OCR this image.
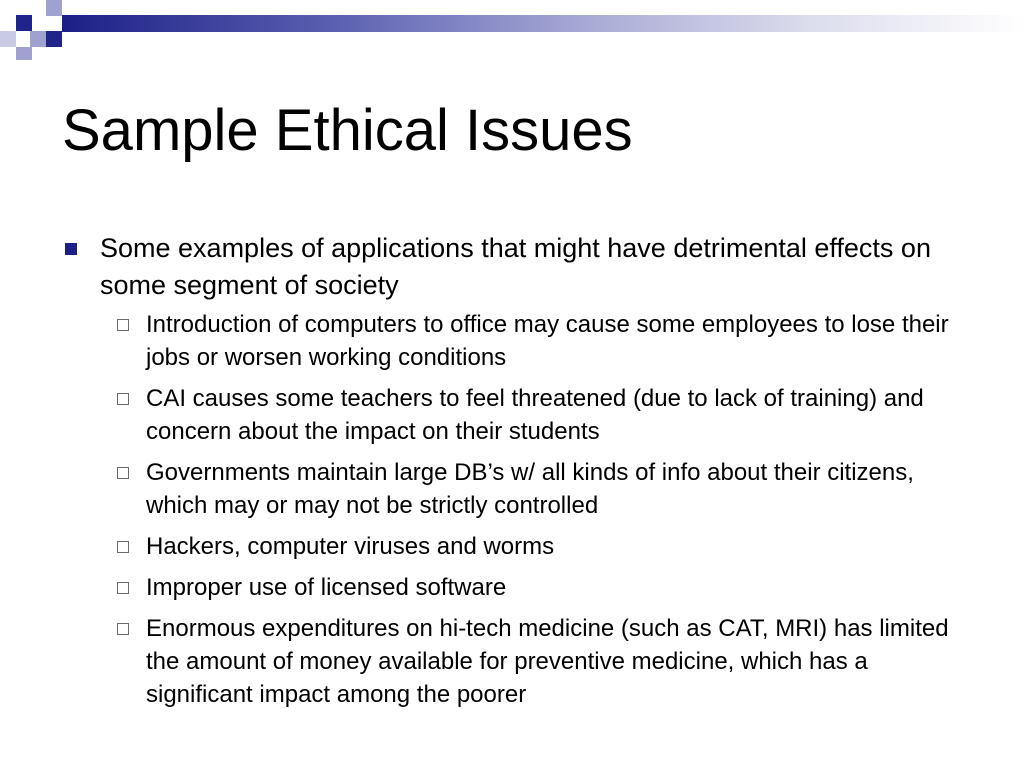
Sample Ethical Issues
Some examples of applications that might have detrimental effects on some segment of society
Introduction of computers to office may cause some employees to lose their jobs or worsen working conditions
CAI causes some teachers to feel threatened (due to lack of training) and concern about the impact on their students
Governments maintain large DB’s w/ all kinds of info about their citizens, which may or may not be strictly controlled
Hackers, computer viruses and worms
Improper use of licensed software
Enormous expenditures on hi-tech medicine (such as CAT, MRI) has limited the amount of money available for preventive medicine, which has a significant impact among the poorer
